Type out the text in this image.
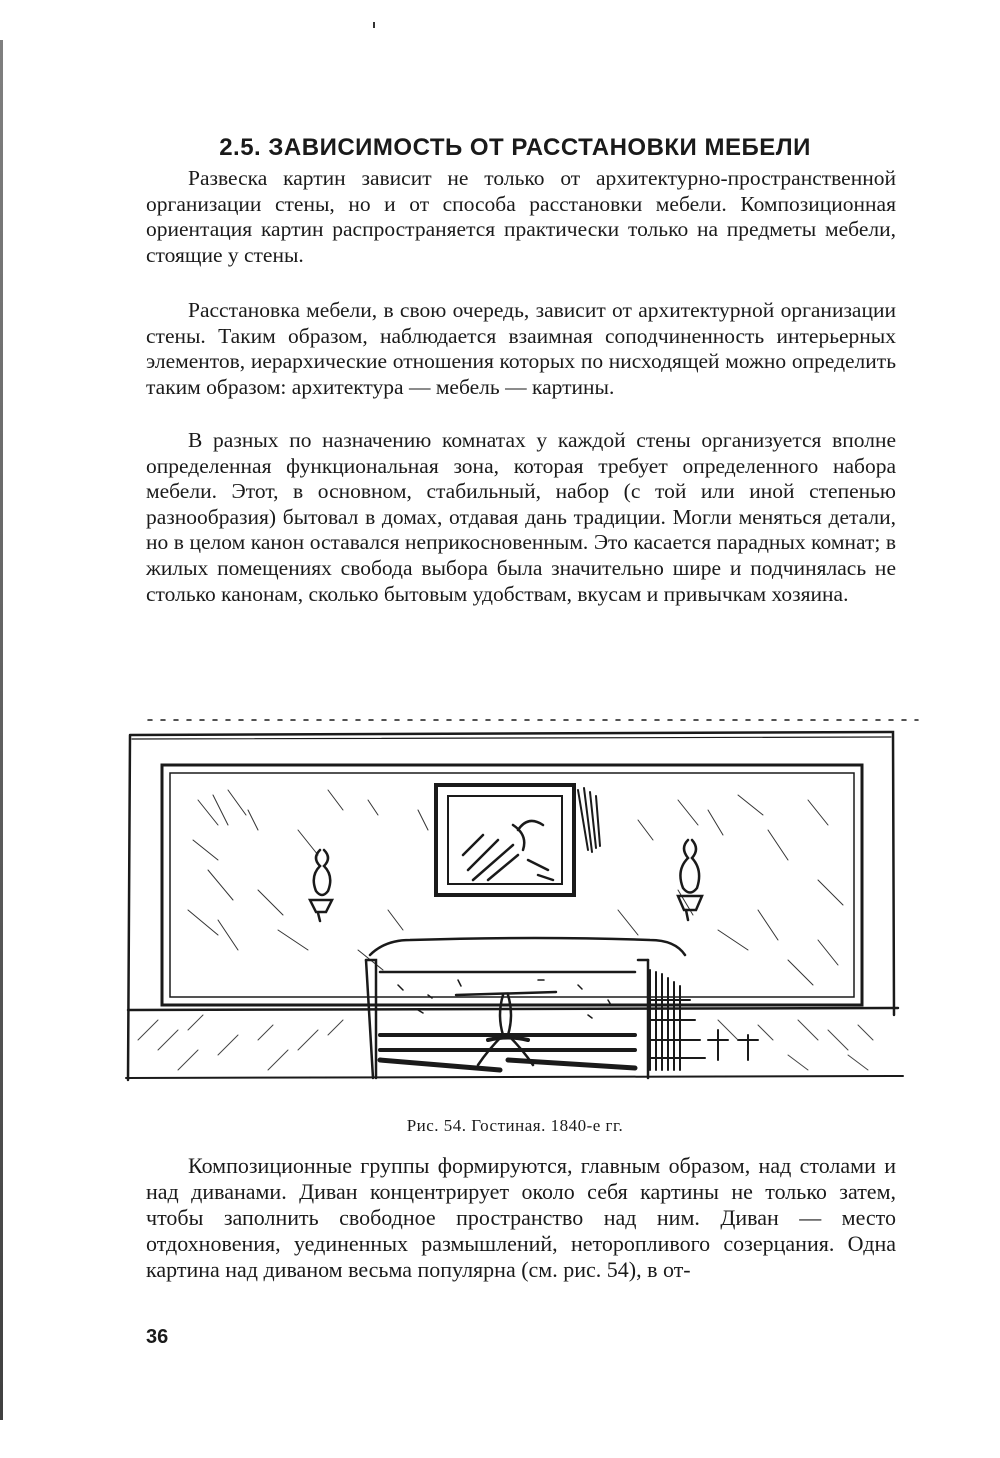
2.5. ЗАВИСИМОСТЬ ОТ РАССТАНОВКИ МЕБЕЛИ

Развеска картин зависит не только от архитектурно-пространственной организации стены, но и от способа расстановки мебели. Композиционная ориентация картин распространяется практически только на предметы мебели, стоящие у стены.

Расстановка мебели, в свою очередь, зависит от архитектурной организации стены. Таким образом, наблюдается взаимная соподчиненность интерьерных элементов, иерархические отношения которых по нисходящей можно определить таким образом: архитектура — мебель — картины.

В разных по назначению комнатах у каждой стены организуется вполне определенная функциональная зона, которая требует определенного набора мебели. Этот, в основном, стабильный, набор (с той или иной степенью разнообразия) бытовал в домах, отдавая дань традиции. Могли меняться детали, но в целом канон оставался неприкосновенным. Это касается парадных комнат; в жилых помещениях свобода выбора была значительно шире и подчинялась не столько канонам, сколько бытовым удобствам, вкусам и привычкам хозяина.

Рис. 54. Гостиная. 1840-е гг.

Композиционные группы формируются, главным образом, над столами и над диванами. Диван концентрирует около себя картины не только затем, чтобы заполнить свободное пространство над ним. Диван — место отдохновения, уединенных размышлений, неторопливого созерцания. Одна картина над диваном весьма популярна (см. рис. 54), в от-

36
